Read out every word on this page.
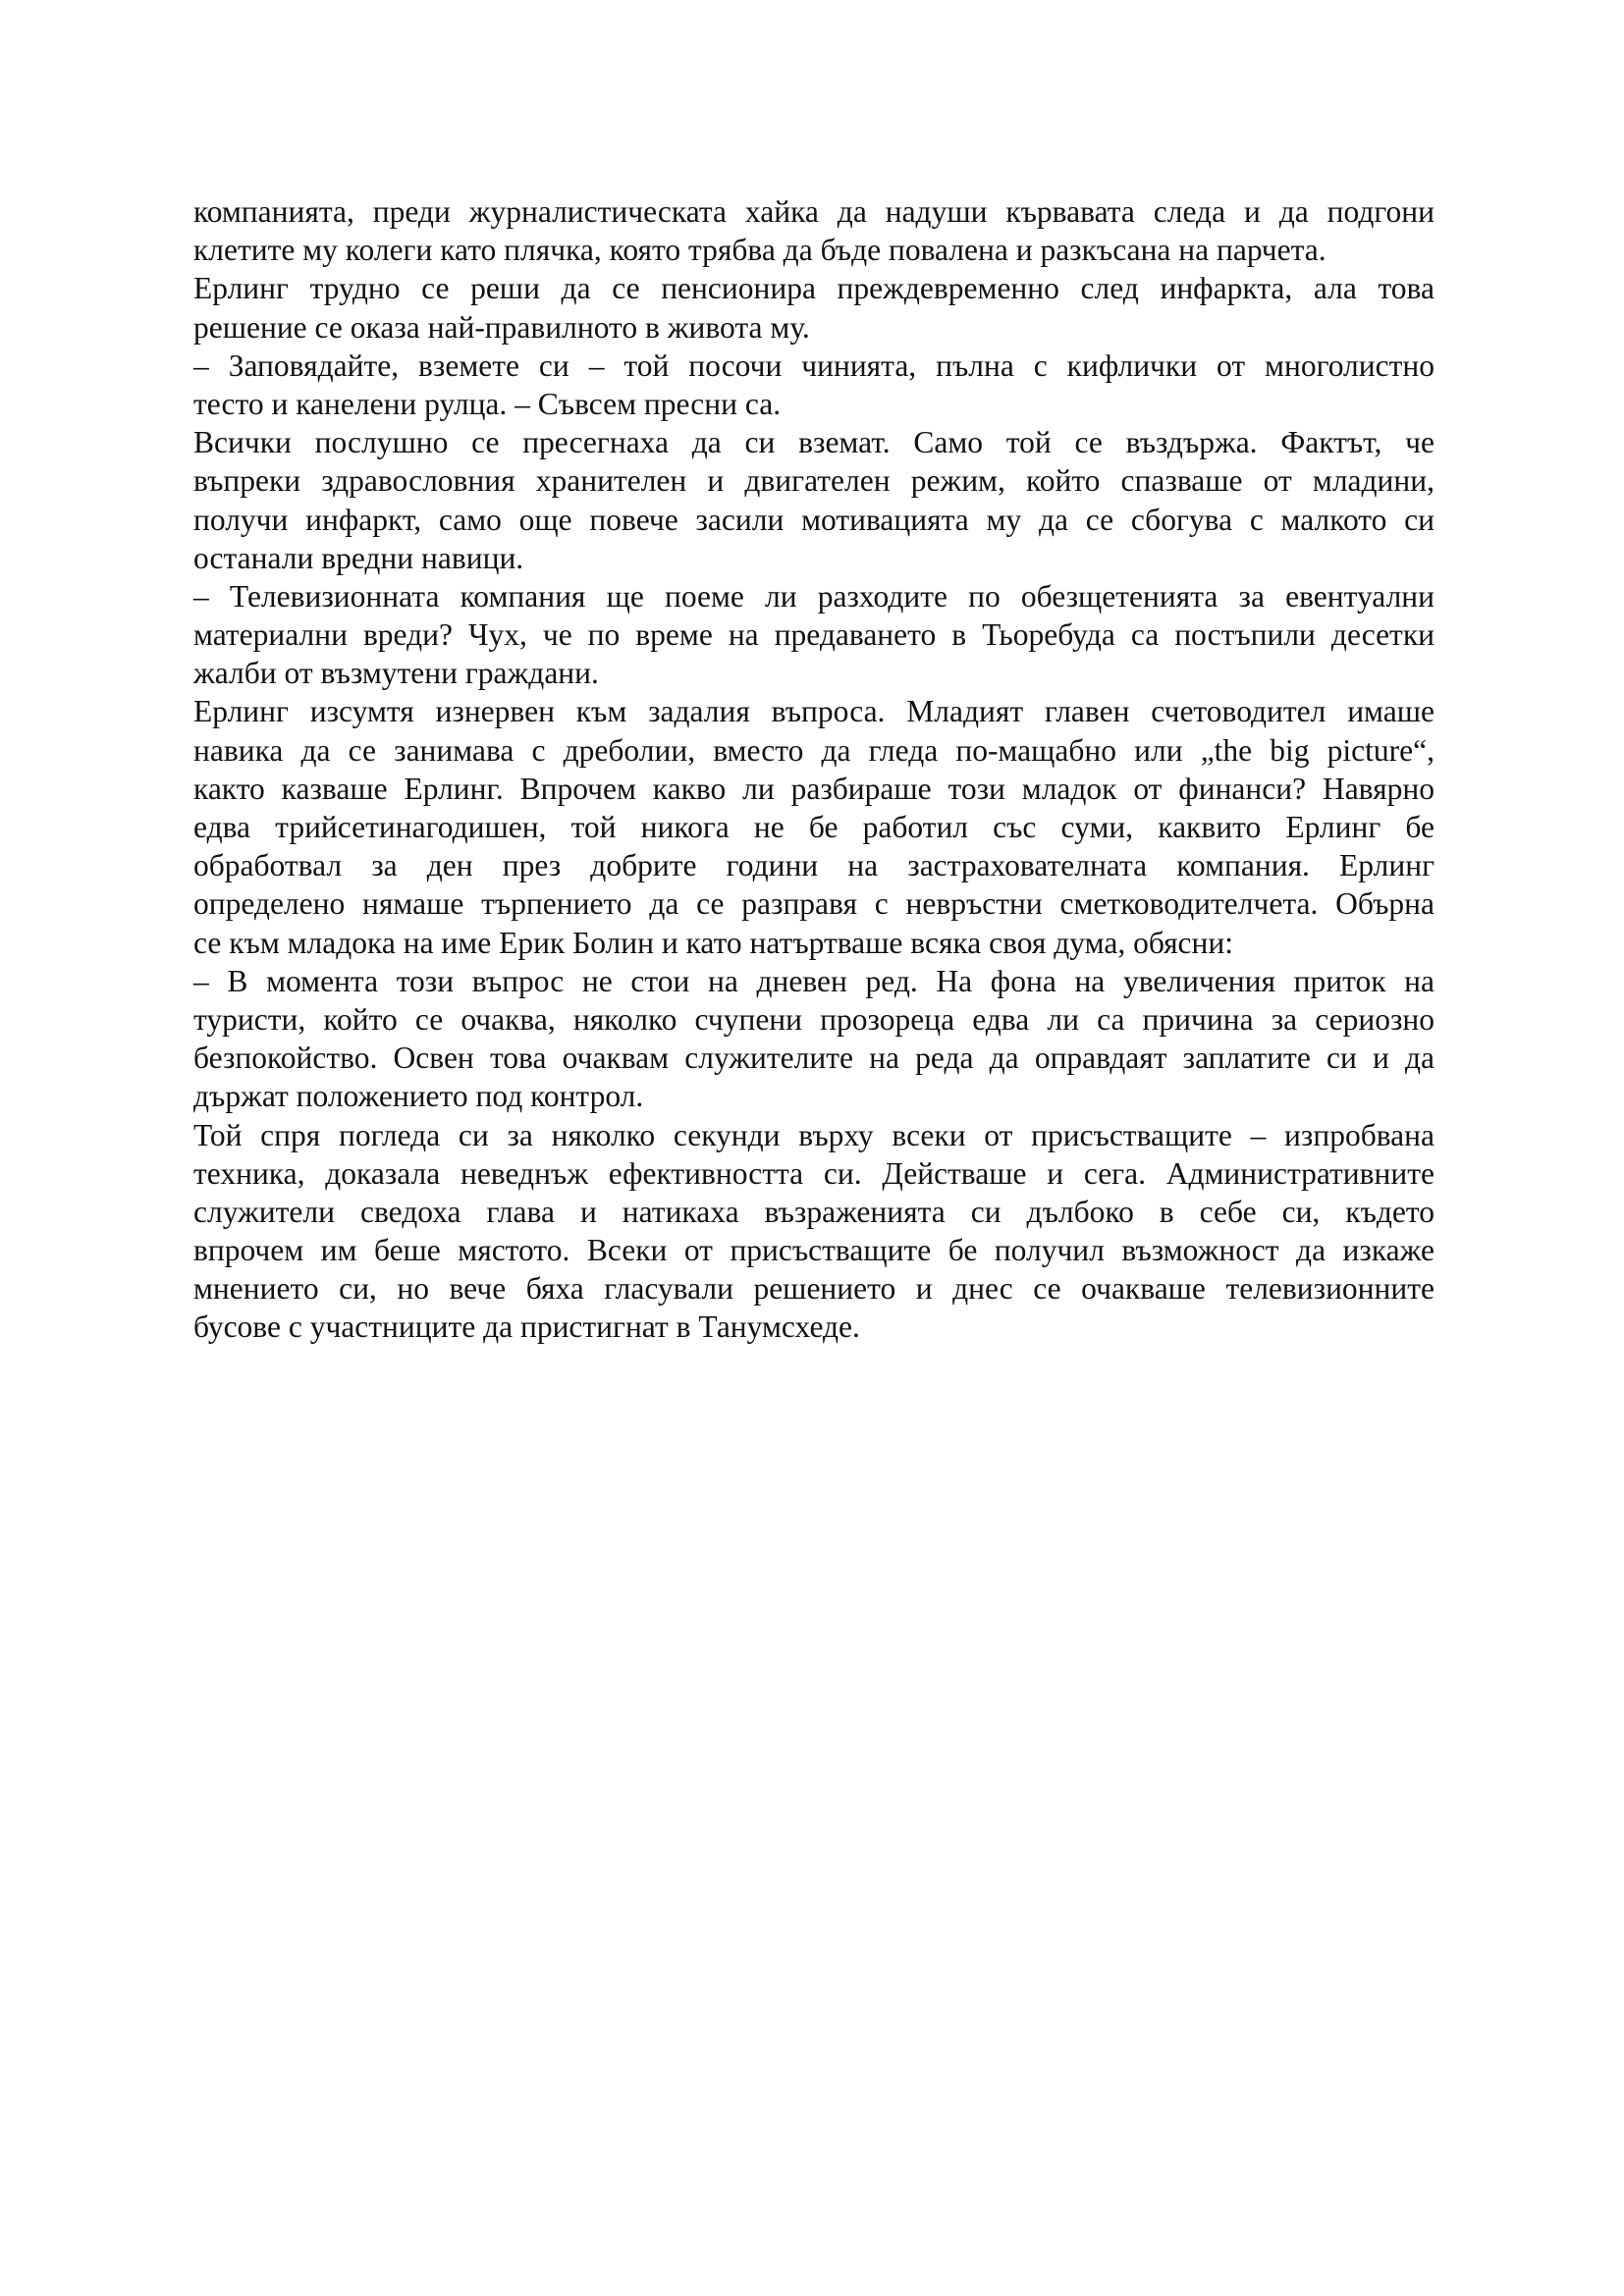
компанията, преди журналистическата хайка да надуши кървавата следа и да подгони
клетите му колеги като плячка, която трябва да бъде повалена и разкъсана на парчета.
Ерлинг трудно се реши да се пенсионира преждевременно след инфаркта, ала това
решение се оказа най-правилното в живота му.
– Заповядайте, вземете си – той посочи чинията, пълна с кифлички от многолистно
тесто и канелени рулца. – Съвсем пресни са.
Всички послушно се пресегнаха да си вземат. Само той се въздържа. Фактът, че
въпреки здравословния хранителен и двигателен режим, който спазваше от младини,
получи инфаркт, само още повече засили мотивацията му да се сбогува с малкото си
останали вредни навици.
– Телевизионната компания ще поеме ли разходите по обезщетенията за евентуални
материални вреди? Чух, че по време на предаването в Тьоребуда са постъпили десетки
жалби от възмутени граждани.
Ерлинг изсумтя изнервен към задалия въпроса. Младият главен счетоводител имаше
навика да се занимава с дреболии, вместо да гледа по-мащабно или „the big picture“,
както казваше Ерлинг. Впрочем какво ли разбираше този младок от финанси? Навярно
едва трийсетинагодишен, той никога не бе работил със суми, каквито Ерлинг бе
обработвал за ден през добрите години на застрахователната компания. Ерлинг
определено нямаше търпението да се разправя с невръстни сметководителчета. Обърна
се към младока на име Ерик Болин и като натъртваше всяка своя дума, обясни:
– В момента този въпрос не стои на дневен ред. На фона на увеличения приток на
туристи, който се очаква, няколко счупени прозореца едва ли са причина за сериозно
безпокойство. Освен това очаквам служителите на реда да оправдаят заплатите си и да
държат положението под контрол.
Той спря погледа си за няколко секунди върху всеки от присъстващите – изпробвана
техника, доказала неведнъж ефективността си. Действаше и сега. Административните
служители сведоха глава и натикаха възраженията си дълбоко в себе си, където
впрочем им беше мястото. Всеки от присъстващите бе получил възможност да изкаже
мнението си, но вече бяха гласували решението и днес се очакваше телевизионните
бусове с участниците да пристигнат в Танумсхеде.
